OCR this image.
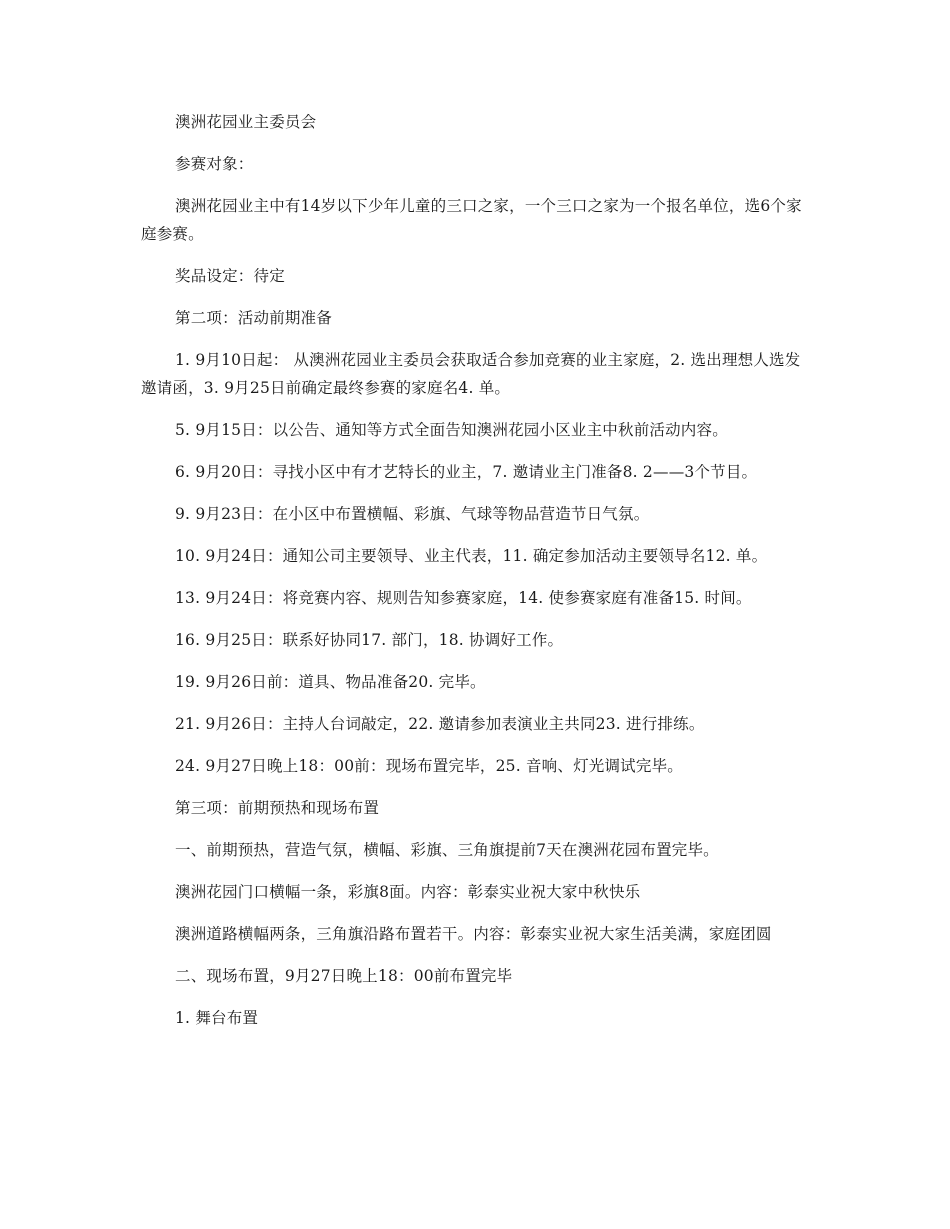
澳洲花园业主委员会

参赛对象：

澳洲花园业主中有14岁以下少年儿童的三口之家，一个三口之家为一个报名单位，选6个家庭参赛。

奖品设定：待定

第二项：活动前期准备

1. 9月10日起： 从澳洲花园业主委员会获取适合参加竞赛的业主家庭，2. 选出理想人选发邀请函，3. 9月25日前确定最终参赛的家庭名4. 单。

5. 9月15日：以公告、通知等方式全面告知澳洲花园小区业主中秋前活动内容。

6. 9月20日：寻找小区中有才艺特长的业主，7. 邀请业主门准备8. 2——3个节目。

9. 9月23日：在小区中布置横幅、彩旗、气球等物品营造节日气氛。

10. 9月24日：通知公司主要领导、业主代表，11. 确定参加活动主要领导名12. 单。

13. 9月24日：将竞赛内容、规则告知参赛家庭，14. 使参赛家庭有准备15. 时间。

16. 9月25日：联系好协同17. 部门，18. 协调好工作。

19. 9月26日前：道具、物品准备20. 完毕。

21. 9月26日：主持人台词敲定，22. 邀请参加表演业主共同23. 进行排练。

24. 9月27日晚上18：00前：现场布置完毕，25. 音响、灯光调试完毕。

第三项：前期预热和现场布置

一、前期预热，营造气氛，横幅、彩旗、三角旗提前7天在澳洲花园布置完毕。

澳洲花园门口横幅一条，彩旗8面。内容：彰泰实业祝大家中秋快乐

澳洲道路横幅两条，三角旗沿路布置若干。内容：彰泰实业祝大家生活美满，家庭团圆

二、现场布置，9月27日晚上18：00前布置完毕

1. 舞台布置
